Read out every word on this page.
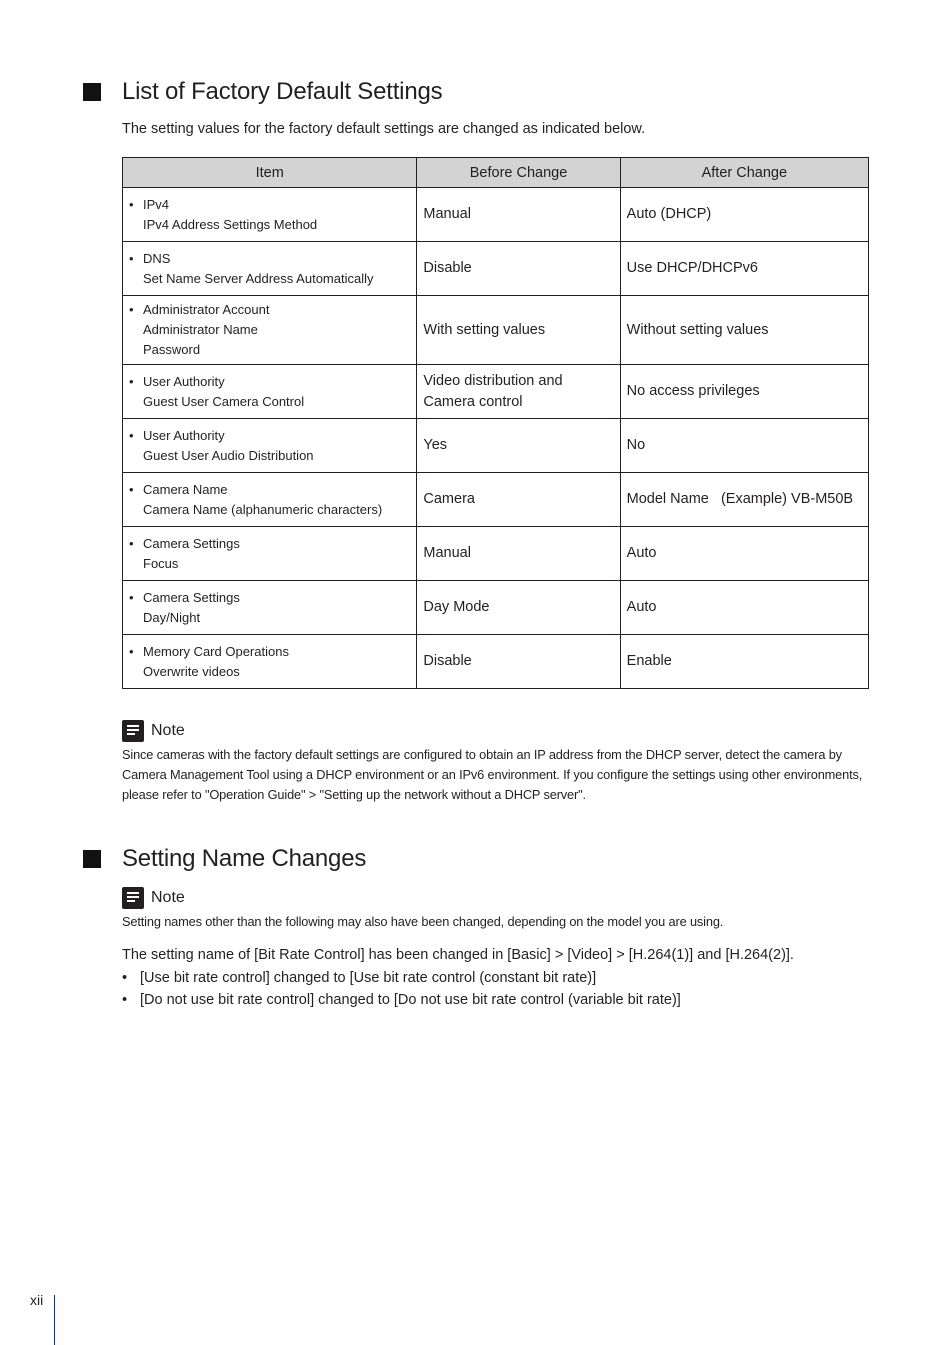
List of Factory Default Settings

The setting values for the factory default settings are changed as indicated below.

Item	Before Change	After Change

• IPv4
IPv4 Address Settings Method	Manual	Auto (DHCP)

• DNS
Set Name Server Address Automatically	Disable	Use DHCP/DHCPv6

• Administrator Account
Administrator Name
Password	With setting values	Without setting values

• User Authority
Guest User Camera Control	Video distribution and Camera control	No access privileges

• User Authority
Guest User Audio Distribution	Yes	No

• Camera Name
Camera Name (alphanumeric characters)	Camera	Model Name   (Example) VB-M50B

• Camera Settings
Focus	Manual	Auto

• Camera Settings
Day/Night	Day Mode	Auto

• Memory Card Operations
Overwrite videos	Disable	Enable
Note

Since cameras with the factory default settings are configured to obtain an IP address from the DHCP server, detect the camera by Camera Management Tool using a DHCP environment or an IPv6 environment. If you configure the settings using other environments, please refer to "Operation Guide" > "Setting up the network without a DHCP server".

Setting Name Changes
Note

Setting names other than the following may also have been changed, depending on the model you are using.

The setting name of [Bit Rate Control] has been changed in [Basic] > [Video] > [H.264(1)] and [H.264(2)].

• [Use bit rate control] changed to [Use bit rate control (constant bit rate)]
• [Do not use bit rate control] changed to [Do not use bit rate control (variable bit rate)]
xii
